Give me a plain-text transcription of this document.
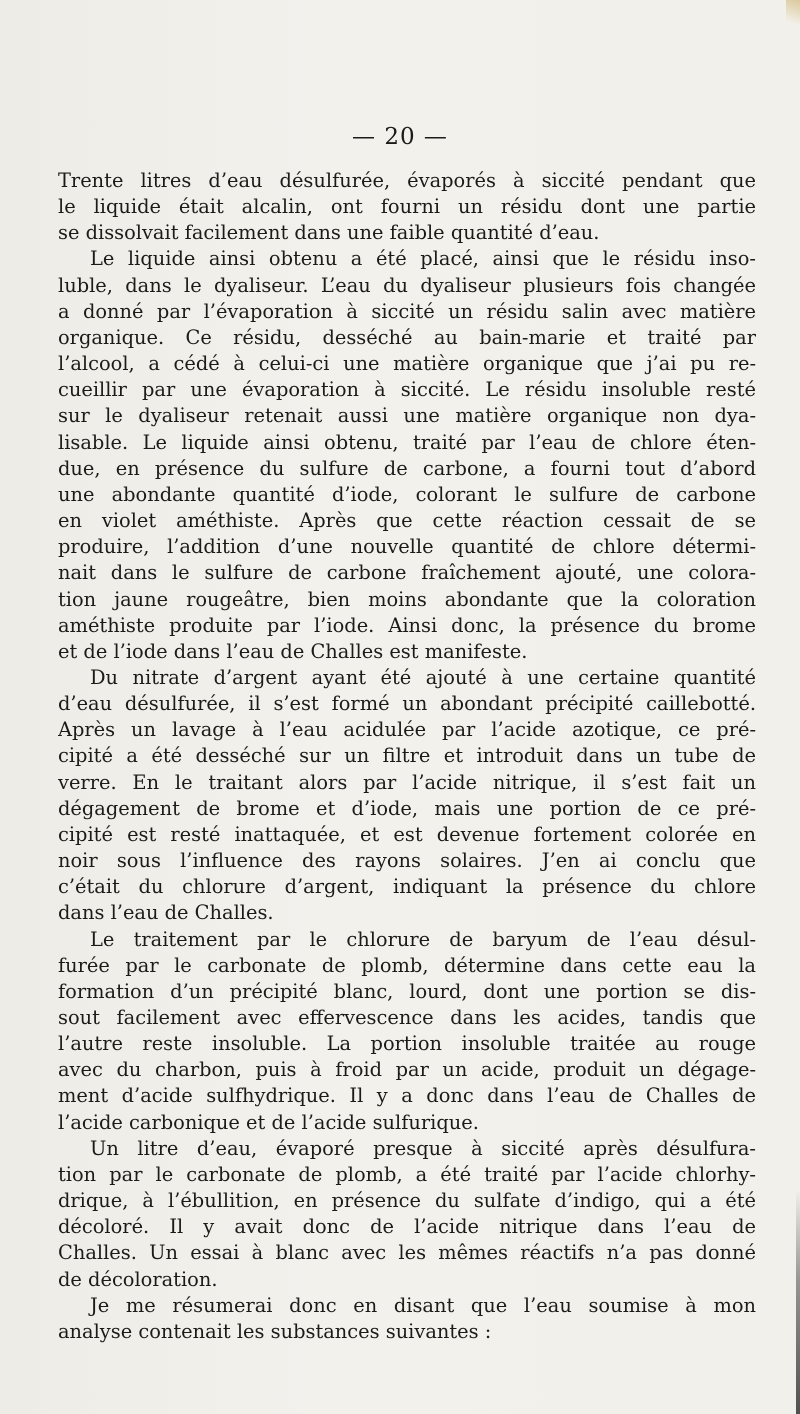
— 20 —
Trente litres d’eau désulfurée, évaporés à siccité pendant que
le liquide était alcalin, ont fourni un résidu dont une partie
se dissolvait facilement dans une faible quantité d’eau.
Le liquide ainsi obtenu a été placé, ainsi que le résidu inso-
luble, dans le dyaliseur. L’eau du dyaliseur plusieurs fois changée
a donné par l’évaporation à siccité un résidu salin avec matière
organique. Ce résidu, desséché au bain-marie et traité par
l’alcool, a cédé à celui-ci une matière organique que j’ai pu re-
cueillir par une évaporation à siccité. Le résidu insoluble resté
sur le dyaliseur retenait aussi une matière organique non dya-
lisable. Le liquide ainsi obtenu, traité par l’eau de chlore éten-
due, en présence du sulfure de carbone, a fourni tout d’abord
une abondante quantité d’iode, colorant le sulfure de carbone
en violet améthiste. Après que cette réaction cessait de se
produire, l’addition d’une nouvelle quantité de chlore détermi-
nait dans le sulfure de carbone fraîchement ajouté, une colora-
tion jaune rougeâtre, bien moins abondante que la coloration
améthiste produite par l’iode. Ainsi donc, la présence du brome
et de l’iode dans l’eau de Challes est manifeste.
Du nitrate d’argent ayant été ajouté à une certaine quantité
d’eau désulfurée, il s’est formé un abondant précipité caillebotté.
Après un lavage à l’eau acidulée par l’acide azotique, ce pré-
cipité a été desséché sur un filtre et introduit dans un tube de
verre. En le traitant alors par l’acide nitrique, il s’est fait un
dégagement de brome et d’iode, mais une portion de ce pré-
cipité est resté inattaquée, et est devenue fortement colorée en
noir sous l’influence des rayons solaires. J’en ai conclu que
c’était du chlorure d’argent, indiquant la présence du chlore
dans l’eau de Challes.
Le traitement par le chlorure de baryum de l’eau désul-
furée par le carbonate de plomb, détermine dans cette eau la
formation d’un précipité blanc, lourd, dont une portion se dis-
sout facilement avec effervescence dans les acides, tandis que
l’autre reste insoluble. La portion insoluble traitée au rouge
avec du charbon, puis à froid par un acide, produit un dégage-
ment d’acide sulfhydrique. Il y a donc dans l’eau de Challes de
l’acide carbonique et de l’acide sulfurique.
Un litre d’eau, évaporé presque à siccité après désulfura-
tion par le carbonate de plomb, a été traité par l’acide chlorhy-
drique, à l’ébullition, en présence du sulfate d’indigo, qui a été
décoloré. Il y avait donc de l’acide nitrique dans l’eau de
Challes. Un essai à blanc avec les mêmes réactifs n’a pas donné
de décoloration.
Je me résumerai donc en disant que l’eau soumise à mon
analyse contenait les substances suivantes :
